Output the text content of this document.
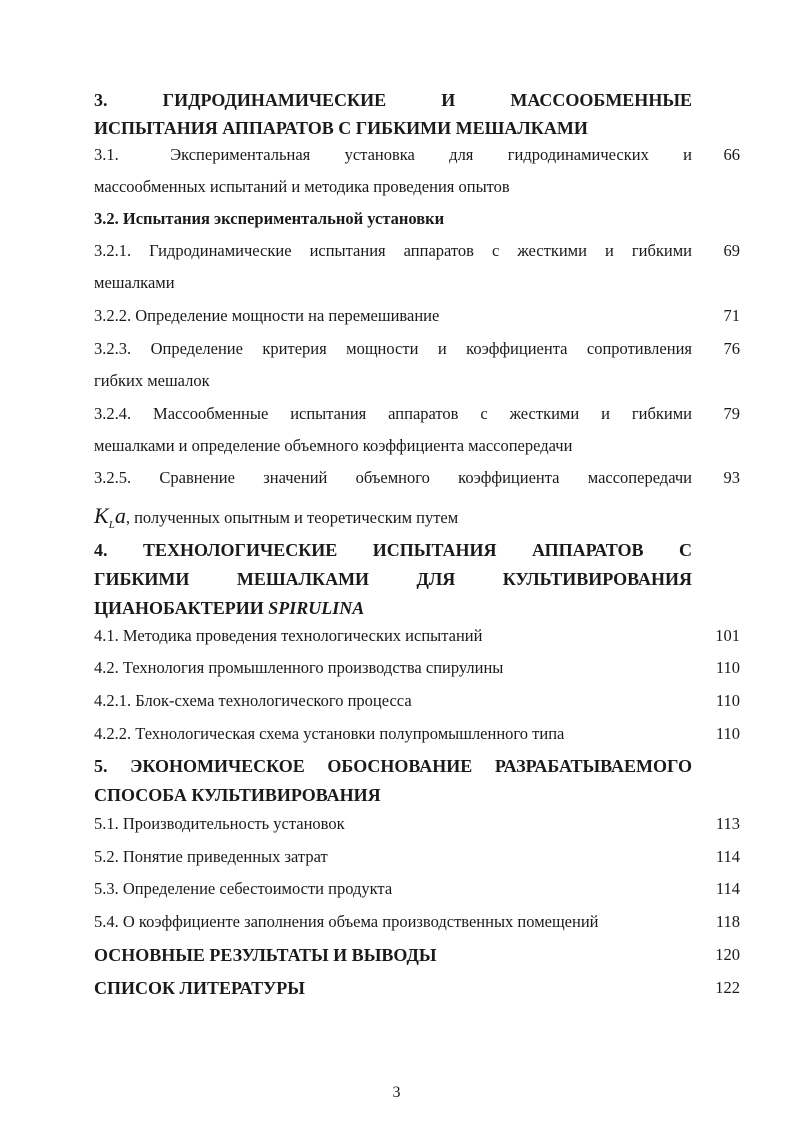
3.     ГИДРОДИНАМИЧЕСКИЕ     И     МАССООБМЕННЫЕ
ИСПЫТАНИЯ АППАРАТОВ С ГИБКИМИ МЕШАЛКАМИ
3.1.   Экспериментальная  установка  для  гидродинамических  и	66
массообменных испытаний и методика проведения опытов
3.2. Испытания экспериментальной установки
3.2.1. Гидродинамические испытания аппаратов с жесткими и гибкими	69
мешалками
3.2.2. Определение мощности на перемешивание	71
3.2.3. Определение критерия мощности и коэффициента сопротивления	76
гибких мешалок
3.2.4. Массообменные испытания аппаратов с жесткими и гибкими	79
мешалками и определение объемного коэффициента массопередачи
3.2.5. Сравнение значений объемного коэффициента массопередачи	93
$K_La$, полученных опытным и теоретическим путем
4.  ТЕХНОЛОГИЧЕСКИЕ  ИСПЫТАНИЯ  АППАРАТОВ  С
ГИБКИМИ  МЕШАЛКАМИ  ДЛЯ  КУЛЬТИВИРОВАНИЯ
ЦИАНОБАКТЕРИИ SPIRULINA
4.1. Методика проведения технологических испытаний	101
4.2. Технология промышленного производства спирулины	110
4.2.1. Блок-схема технологического процесса	110
4.2.2. Технологическая схема установки полупромышленного типа	110
5. ЭКОНОМИЧЕСКОЕ ОБОСНОВАНИЕ РАЗРАБАТЫВАЕМОГО
СПОСОБА КУЛЬТИВИРОВАНИЯ
5.1. Производительность установок	113
5.2. Понятие приведенных затрат	114
5.3. Определение себестоимости продукта	114
5.4. О коэффициенте заполнения объема производственных помещений	118
ОСНОВНЫЕ РЕЗУЛЬТАТЫ И ВЫВОДЫ	120
СПИСОК ЛИТЕРАТУРЫ	122
3
